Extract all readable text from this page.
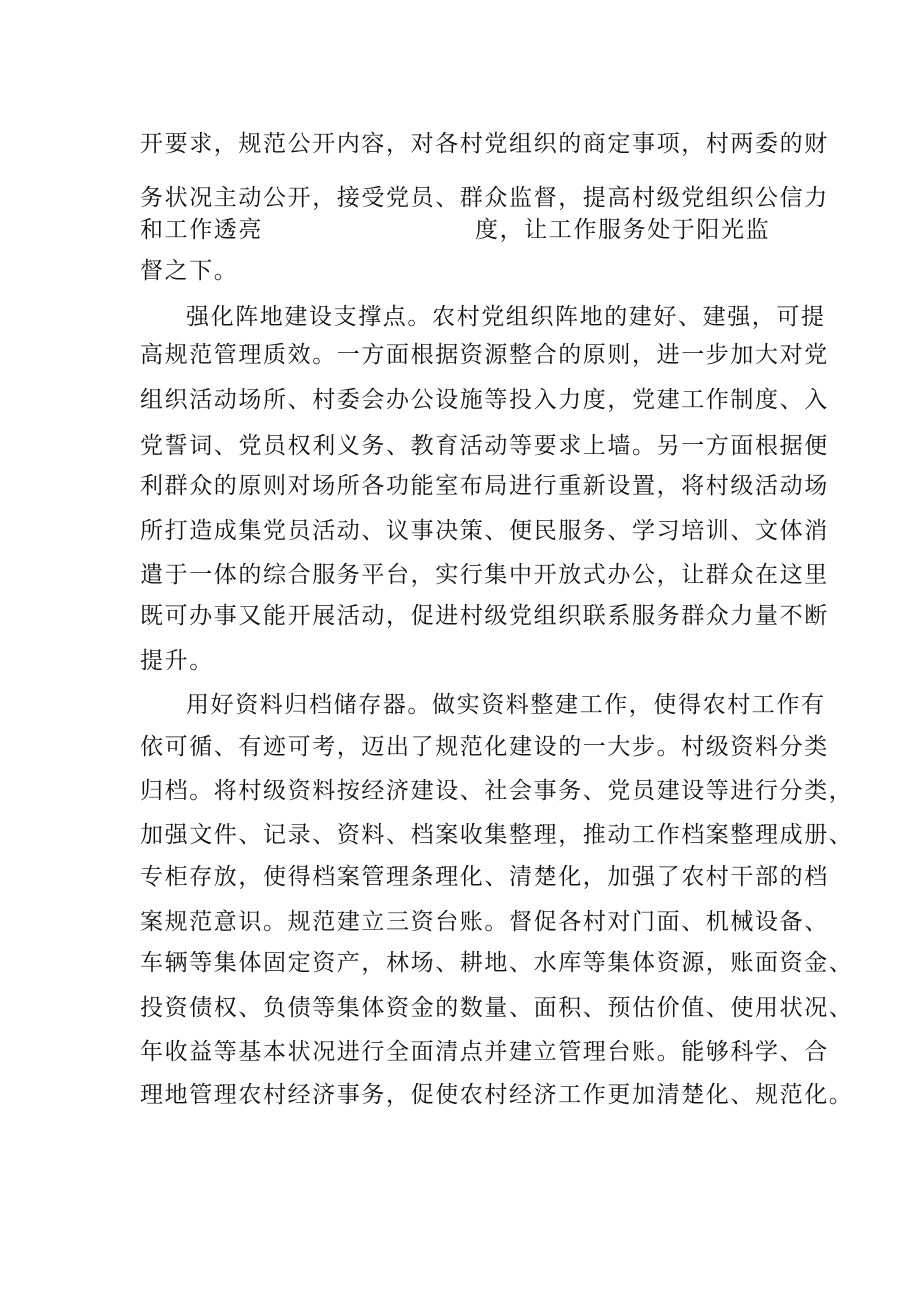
开要求，规范公开内容，对各村党组织的商定事项，村两委的财
务状况主动公开，接受党员、群众监督，提高村级党组织公信力
和工作透亮	度，让工作服务处于阳光监
督之下。
强化阵地建设支撑点。农村党组织阵地的建好、建强，可提
高规范管理质效。一方面根据资源整合的原则，进一步加大对党
组织活动场所、村委会办公设施等投入力度，党建工作制度、入
党誓词、党员权利义务、教育活动等要求上墙。另一方面根据便
利群众的原则对场所各功能室布局进行重新设置，将村级活动场
所打造成集党员活动、议事决策、便民服务、学习培训、文体消
遣于一体的综合服务平台，实行集中开放式办公，让群众在这里
既可办事又能开展活动，促进村级党组织联系服务群众力量不断
提升。
用好资料归档储存器。做实资料整建工作，使得农村工作有
依可循、有迹可考，迈出了规范化建设的一大步。村级资料分类
归档。将村级资料按经济建设、社会事务、党员建设等进行分类，
加强文件、记录、资料、档案收集整理，推动工作档案整理成册、
专柜存放，使得档案管理条理化、清楚化，加强了农村干部的档
案规范意识。规范建立三资台账。督促各村对门面、机械设备、
车辆等集体固定资产，林场、耕地、水库等集体资源，账面资金、
投资债权、负债等集体资金的数量、面积、预估价值、使用状况、
年收益等基本状况进行全面清点并建立管理台账。能够科学、合
理地管理农村经济事务，促使农村经济工作更加清楚化、规范化。
